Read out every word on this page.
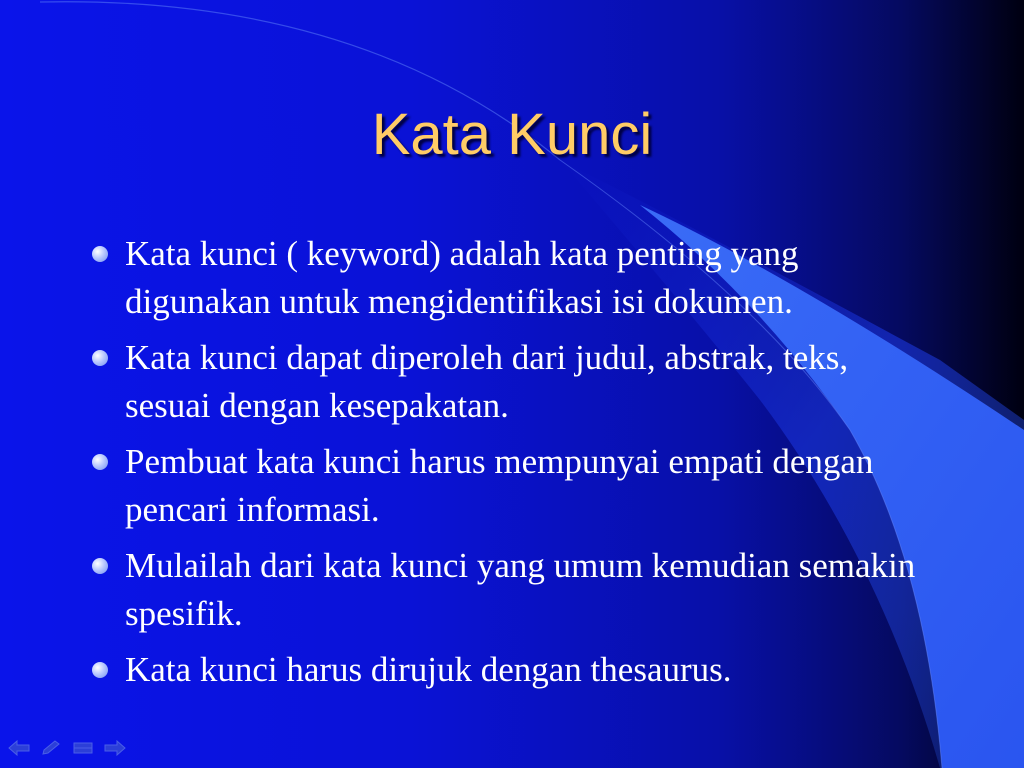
Kata Kunci
Kata kunci ( keyword) adalah kata penting yang digunakan untuk mengidentifikasi isi dokumen.
Kata kunci dapat diperoleh dari judul, abstrak, teks, sesuai dengan kesepakatan.
Pembuat kata kunci harus mempunyai empati dengan pencari informasi.
Mulailah dari kata kunci yang umum kemudian semakin spesifik.
Kata kunci harus dirujuk dengan thesaurus.
